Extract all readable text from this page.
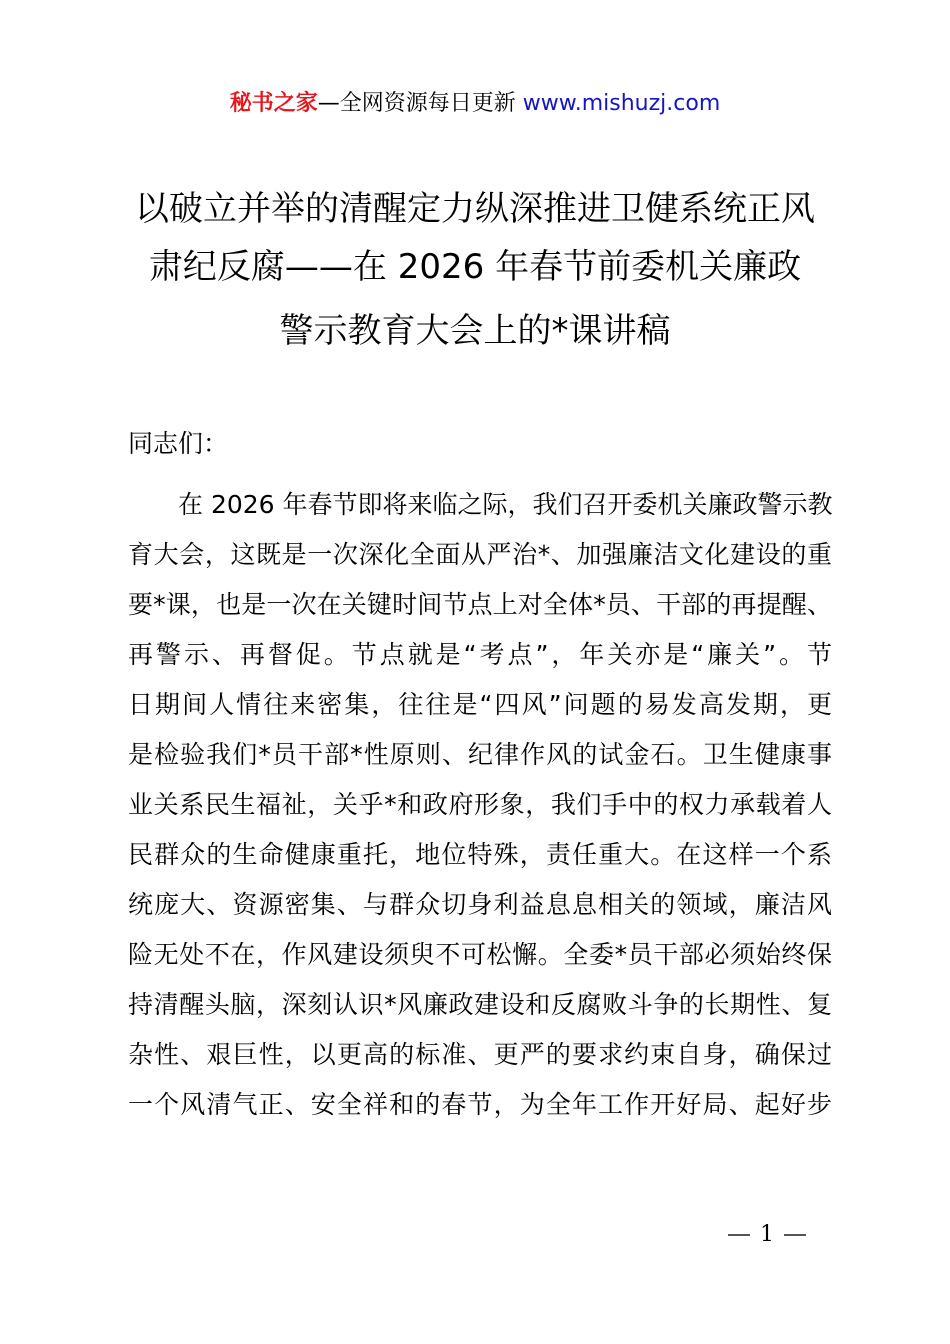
秘书之家—全网资源每日更新 www.mishuzj.com
以破立并举的清醒定力纵深推进卫健系统正风
肃纪反腐——在 2026 年春节前委机关廉政
警示教育大会上的*课讲稿
同志们：
在 2026 年春节即将来临之际，我们召开委机关廉政警示教
育大会，这既是一次深化全面从严治*、加强廉洁文化建设的重
要*课，也是一次在关键时间节点上对全体*员、干部的再提醒、
再警示、再督促。节点就是“考点”，年关亦是“廉关”。节
日期间人情往来密集，往往是“四风”问题的易发高发期，更
是检验我们*员干部*性原则、纪律作风的试金石。卫生健康事
业关系民生福祉，关乎*和政府形象，我们手中的权力承载着人
民群众的生命健康重托，地位特殊，责任重大。在这样一个系
统庞大、资源密集、与群众切身利益息息相关的领域，廉洁风
险无处不在，作风建设须臾不可松懈。全委*员干部必须始终保
持清醒头脑，深刻认识*风廉政建设和反腐败斗争的长期性、复
杂性、艰巨性，以更高的标准、更严的要求约束自身，确保过
一个风清气正、安全祥和的春节，为全年工作开好局、起好步
1
